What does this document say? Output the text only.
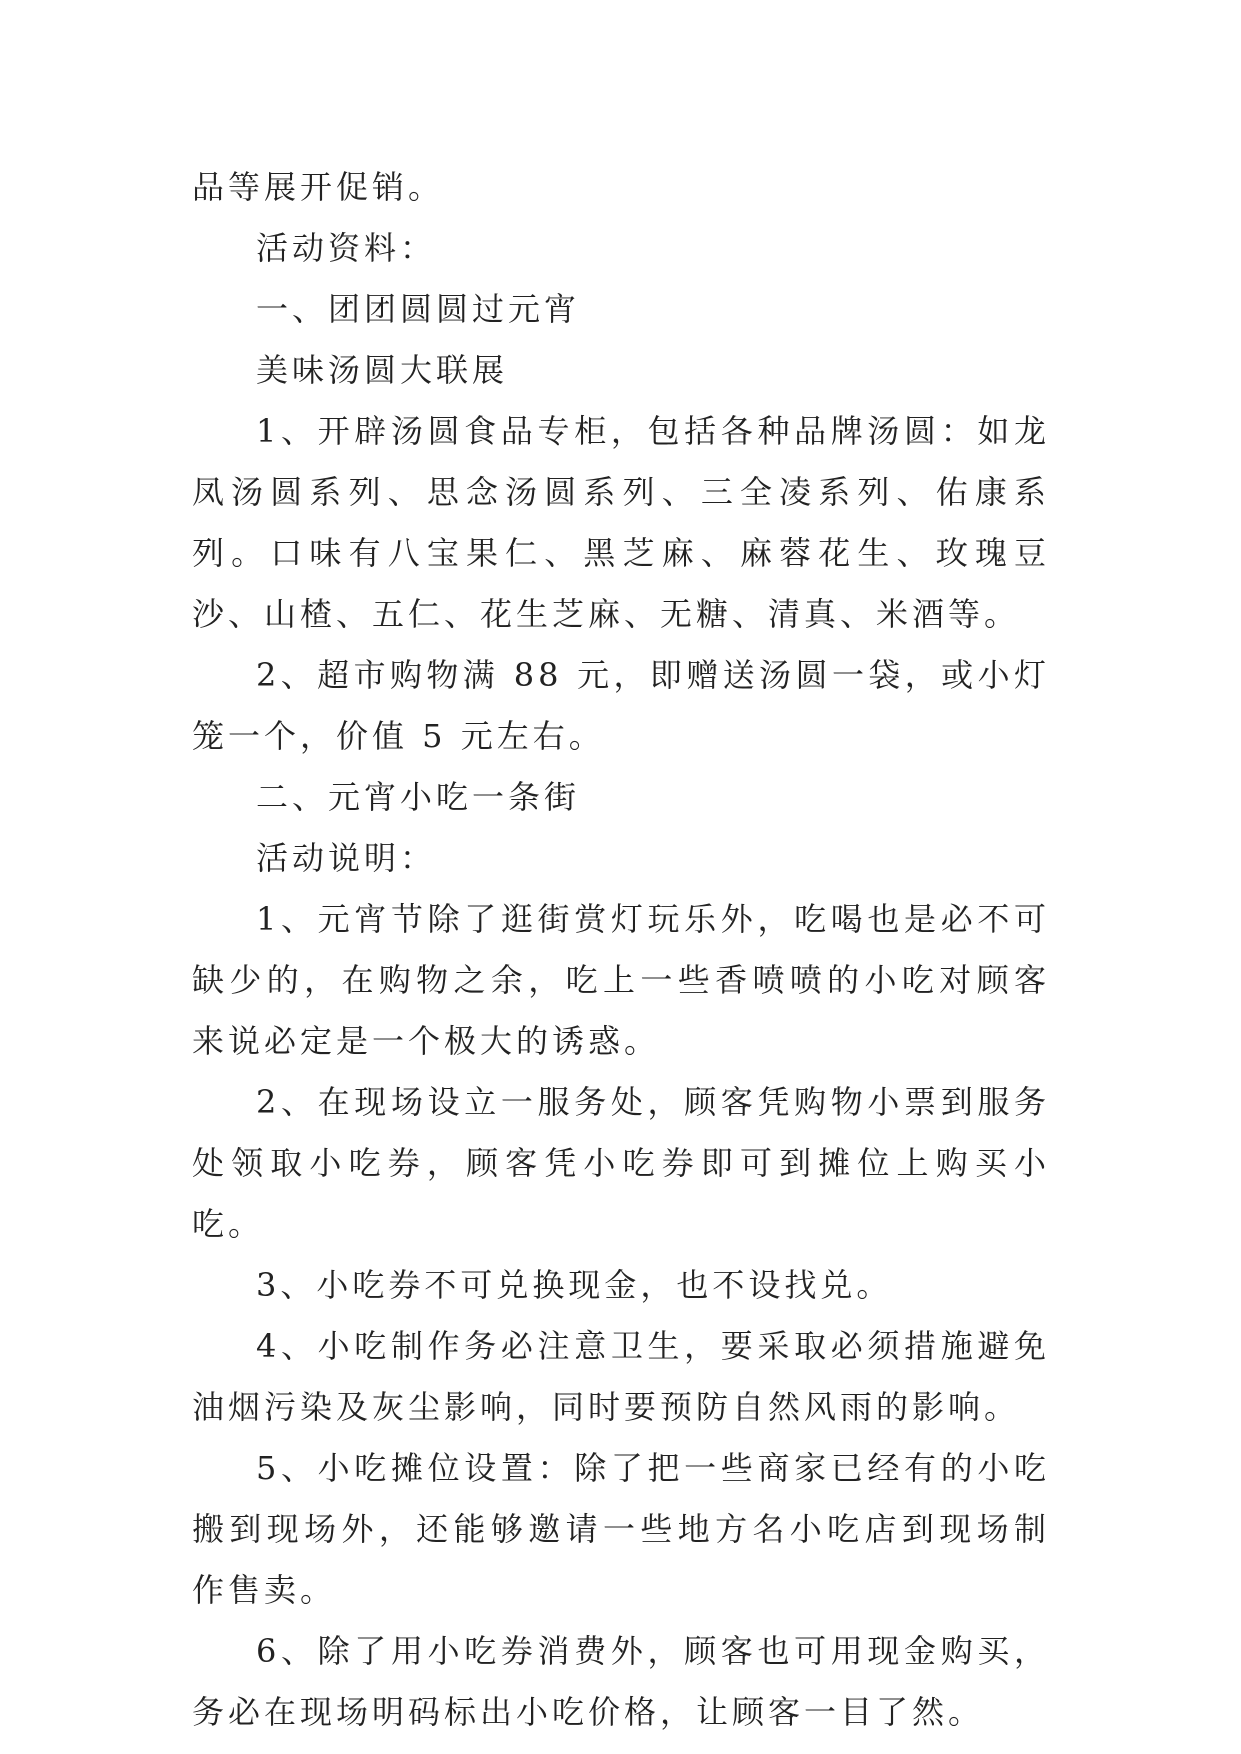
品等展开促销。

活动资料：

一、团团圆圆过元宵

美味汤圆大联展

1、开辟汤圆食品专柜，包括各种品牌汤圆：如龙凤汤圆系列、思念汤圆系列、三全凌系列、佑康系列。口味有八宝果仁、黑芝麻、麻蓉花生、玫瑰豆沙、山楂、五仁、花生芝麻、无糖、清真、米酒等。

2、超市购物满 88 元，即赠送汤圆一袋，或小灯笼一个，价值 5 元左右。

二、元宵小吃一条街

活动说明：

1、元宵节除了逛街赏灯玩乐外，吃喝也是必不可缺少的，在购物之余，吃上一些香喷喷的小吃对顾客来说必定是一个极大的诱惑。

2、在现场设立一服务处，顾客凭购物小票到服务处领取小吃券，顾客凭小吃券即可到摊位上购买小吃。

3、小吃券不可兑换现金，也不设找兑。

4、小吃制作务必注意卫生，要采取必须措施避免油烟污染及灰尘影响，同时要预防自然风雨的影响。

5、小吃摊位设置：除了把一些商家已经有的小吃搬到现场外，还能够邀请一些地方名小吃店到现场制作售卖。

6、除了用小吃券消费外，顾客也可用现金购买，务必在现场明码标出小吃价格，让顾客一目了然。
